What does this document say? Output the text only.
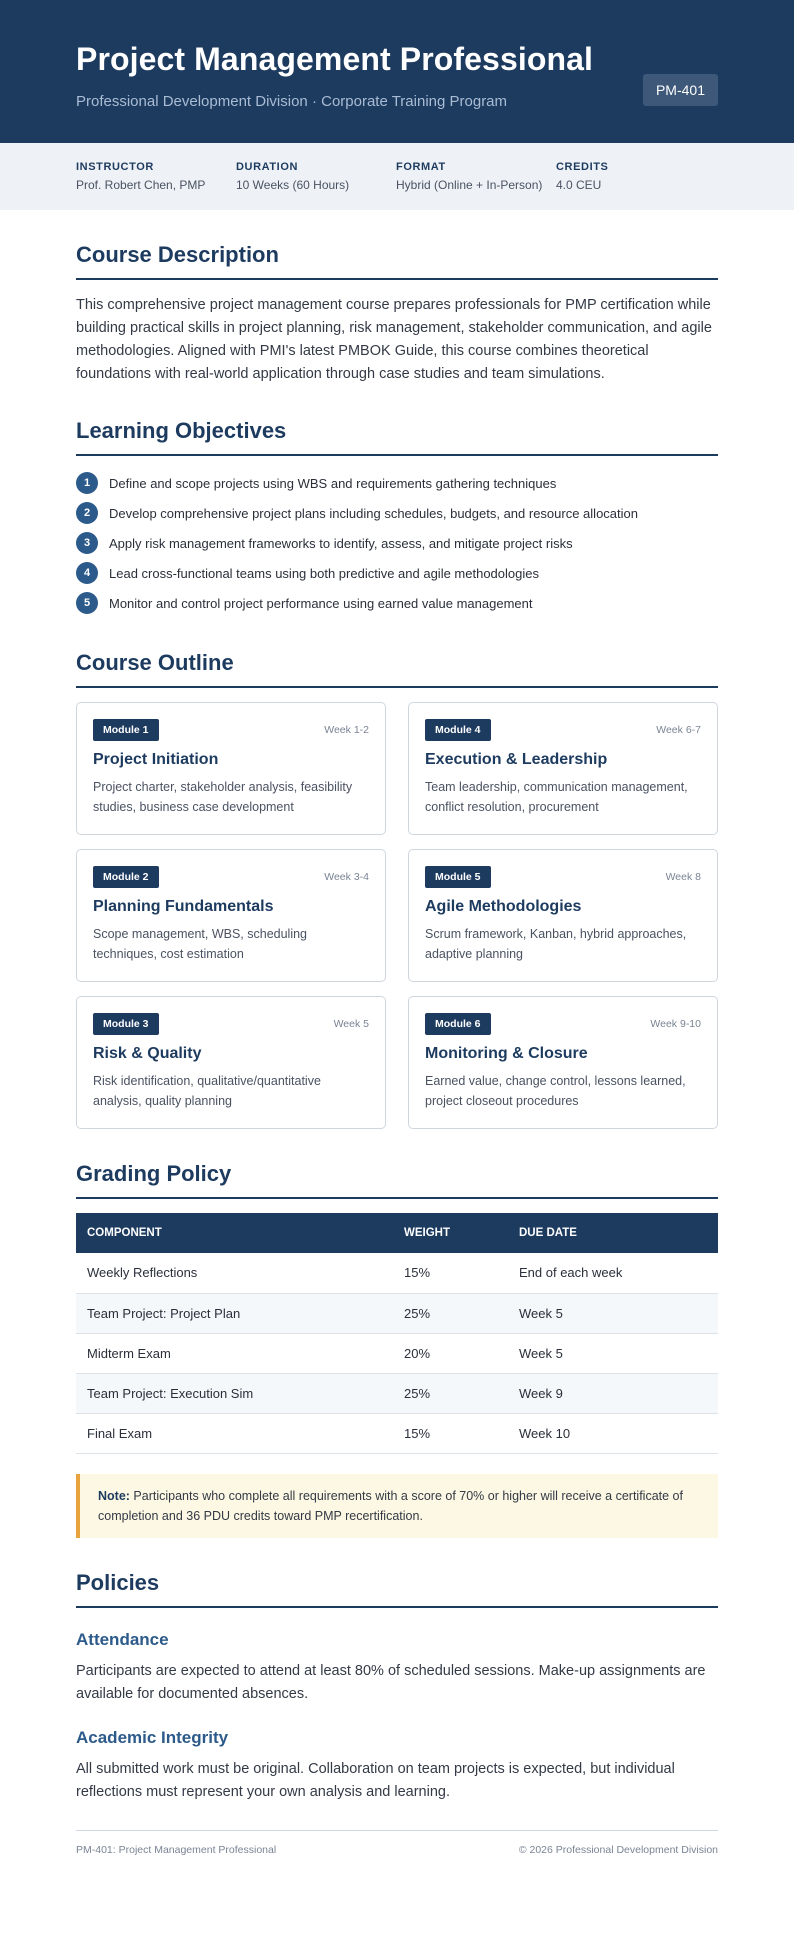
Project Management Professional
Professional Development Division · Corporate Training Program
PM-401
INSTRUCTOR
Prof. Robert Chen, PMP
DURATION
10 Weeks (60 Hours)
FORMAT
Hybrid (Online + In-Person)
CREDITS
4.0 CEU
Course Description

This comprehensive project management course prepares professionals for PMP certification while building practical skills in project planning, risk management, stakeholder communication, and agile methodologies. Aligned with PMI's latest PMBOK Guide, this course combines theoretical foundations with real-world application through case studies and team simulations.

Learning Objectives
1	Define and scope projects using WBS and requirements gathering techniques
2	Develop comprehensive project plans including schedules, budgets, and resource allocation
3	Apply risk management frameworks to identify, assess, and mitigate project risks
4	Lead cross-functional teams using both predictive and agile methodologies
5	Monitor and control project performance using earned value management
Course Outline
Module 1	Week 1-2
Project Initiation
Project charter, stakeholder analysis, feasibility studies, business case development
Module 4	Week 6-7
Execution & Leadership
Team leadership, communication management, conflict resolution, procurement
Module 2	Week 3-4
Planning Fundamentals
Scope management, WBS, scheduling techniques, cost estimation
Module 5	Week 8
Agile Methodologies
Scrum framework, Kanban, hybrid approaches, adaptive planning
Module 3	Week 5
Risk & Quality
Risk identification, qualitative/quantitative analysis, quality planning
Module 6	Week 9-10
Monitoring & Closure
Earned value, change control, lessons learned, project closeout procedures
Grading Policy
COMPONENT	WEIGHT	DUE DATE
Weekly Reflections	15%	End of each week
Team Project: Project Plan	25%	Week 5
Midterm Exam	20%	Week 5
Team Project: Execution Sim	25%	Week 9
Final Exam	15%	Week 10
Note: Participants who complete all requirements with a score of 70% or higher will receive a certificate of completion and 36 PDU credits toward PMP recertification.
Policies
Attendance

Participants are expected to attend at least 80% of scheduled sessions. Make-up assignments are available for documented absences.

Academic Integrity

All submitted work must be original. Collaboration on team projects is expected, but individual reflections must represent your own analysis and learning.

PM-401: Project Management Professional	© 2026 Professional Development Division
